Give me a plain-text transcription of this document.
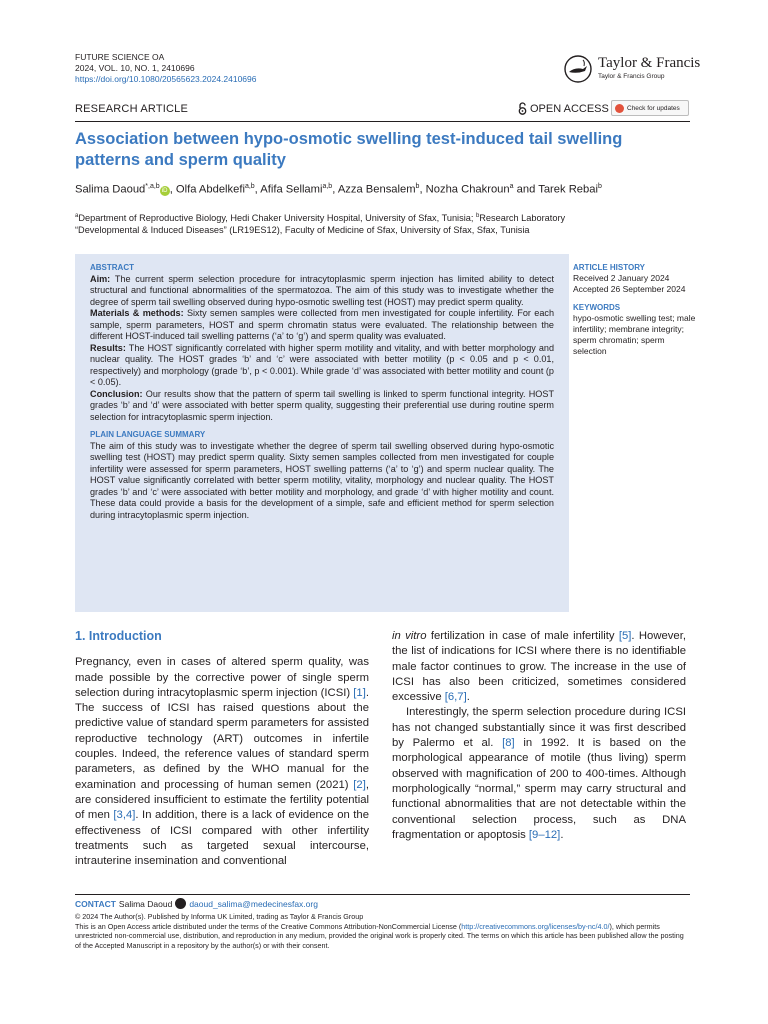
FUTURE SCIENCE OA
2024, VOL. 10, NO. 1, 2410696
https://doi.org/10.1080/20565623.2024.2410696
Taylor & Francis
Taylor & Francis Group
RESEARCH ARTICLE	OPEN ACCESS	Check for updates
Association between hypo-osmotic swelling test-induced tail swelling patterns and sperm quality
Salima Daoud$^{*,a,b}$iD , Olfa Abdelkefi$^{a,b}$, Afifa Sellami$^{a,b}$, Azza Bensalem$^b$, Nozha Chakroun$^a$ and Tarek Rebai$^b$
$^a$Department of Reproductive Biology, Hedi Chaker University Hospital, University of Sfax, Tunisia; $^b$Research Laboratory
“Developmental & Induced Diseases” (LR19ES12), Faculty of Medicine of Sfax, University of Sfax, Sfax, Tunisia
ABSTRACT

Aim: The current sperm selection procedure for intracytoplasmic sperm injection has limited ability to detect structural and functional abnormalities of the spermatozoa. The aim of this study was to investigate whether the degree of sperm tail swelling observed during hypo-osmotic swelling test (HOST) may predict sperm quality.

Materials & methods: Sixty semen samples were collected from men investigated for couple infertility. For each sample, sperm parameters, HOST and sperm chromatin status were evaluated. The relationship between the different HOST-induced tail swelling patterns (‘a’ to ‘g’) and sperm quality was evaluated.

Results: The HOST significantly correlated with higher sperm motility and vitality, and with better morphology and nuclear quality. The HOST grades ‘b’ and ‘c’ were associated with better motility (p < 0.05 and p < 0.01, respectively) and morphology (grade ‘b’, p < 0.001). While grade ‘d’ was associated with better motility and count (p < 0.05).

Conclusion: Our results show that the pattern of sperm tail swelling is linked to sperm functional integrity. HOST grades ‘b’ and ‘d’ were associated with better sperm quality, suggesting their preferential use during routine sperm selection for intracytoplasmic sperm injection.

PLAIN LANGUAGE SUMMARY

The aim of this study was to investigate whether the degree of sperm tail swelling observed during hypo-osmotic swelling test (HOST) may predict sperm quality. Sixty semen samples collected from men investigated for couple infertility were assessed for sperm parameters, HOST swelling patterns (‘a’ to ‘g’) and sperm nuclear quality. The HOST value significantly correlated with better sperm motility, vitality, morphology and nuclear quality. The HOST grades ‘b’ and ‘c’ were associated with better motility and morphology, and grade ‘d’ with higher motility and count. These data could provide a basis for the development of a simple, safe and efficient method for sperm selection during intracytoplasmic sperm injection.

ARTICLE HISTORY
Received 2 January 2024
Accepted 26 September 2024
KEYWORDS
hypo-osmotic swelling test; male infertility; membrane integrity; sperm chromatin; sperm selection
1. Introduction

Pregnancy, even in cases of altered sperm quality, was made possible by the corrective power of single sperm selection during intracytoplasmic sperm injection (ICSI) [1]. The success of ICSI has raised questions about the predictive value of standard sperm parameters for assisted reproductive technology (ART) outcomes in infertile couples. Indeed, the reference values of standard sperm parameters, as defined by the WHO manual for the examination and processing of human semen (2021) [2], are considered insufficient to estimate the fertility potential of men [3,4]. In addition, there is a lack of evidence on the effectiveness of ICSI compared with other infertility treatments such as targeted sexual intercourse, intrauterine insemination and conventional

in vitro fertilization in case of male infertility [5]. However, the list of indications for ICSI where there is no identifiable male factor continues to grow. The increase in the use of ICSI has also been criticized, sometimes considered excessive [6,7].

Interestingly, the sperm selection procedure during ICSI has not changed substantially since it was first described by Palermo et al. [8] in 1992. It is based on the morphological appearance of motile (thus living) sperm observed with magnification of 200 to 400-times. Although morphologically “normal,” sperm may carry structural and functional abnormalities that are not detectable within the conventional selection process, such as DNA fragmentation or apoptosis [9–12].

CONTACT Salima Daoud daoud_salima@medecinesfax.org
© 2024 The Author(s). Published by Informa UK Limited, trading as Taylor & Francis Group
This is an Open Access article distributed under the terms of the Creative Commons Attribution-NonCommercial License (http://creativecommons.org/licenses/by-nc/4.0/), which permits unrestricted non-commercial use, distribution, and reproduction in any medium, provided the original work is properly cited. The terms on which this article has been published allow the posting of the Accepted Manuscript in a repository by the author(s) or with their consent.
